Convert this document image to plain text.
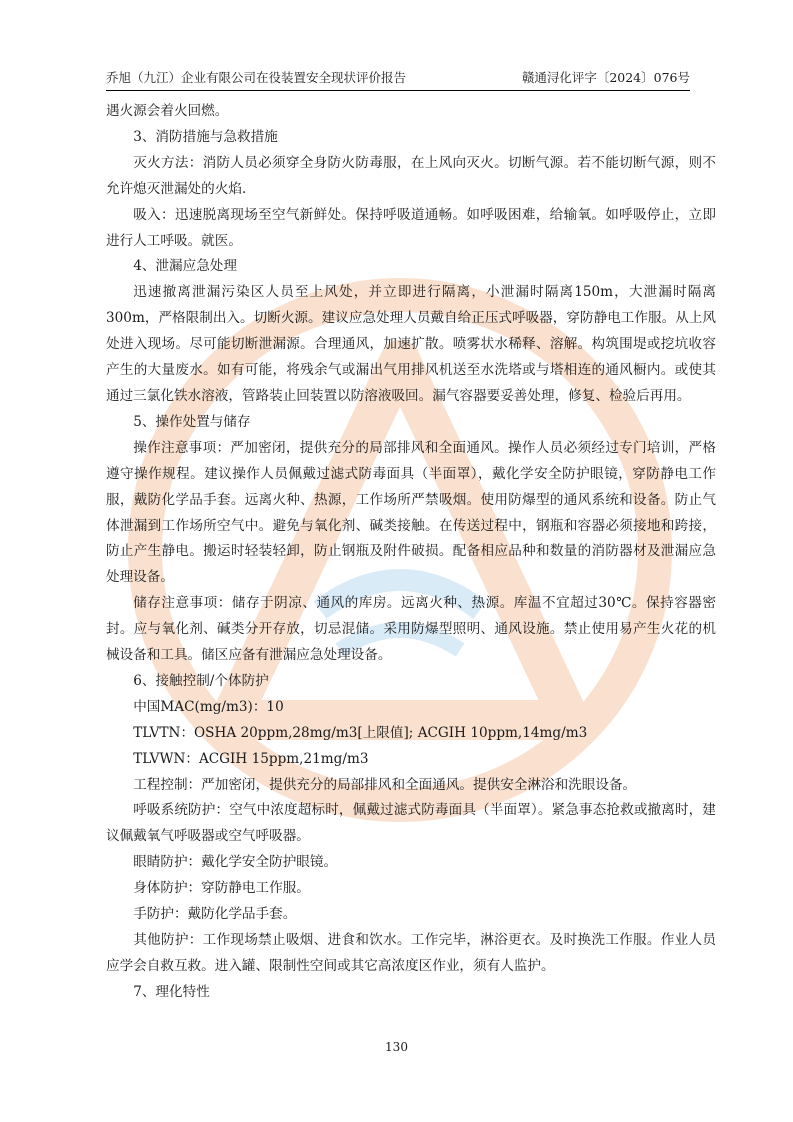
乔旭（九江）企业有限公司在役装置安全现状评价报告	赣通浔化评字〔2024〕076号

遇火源会着火回燃。

3、消防措施与急救措施

灭火方法：消防人员必须穿全身防火防毒服，在上风向灭火。切断气源。若不能切断气源，则不允许熄灭泄漏处的火焰.

吸入：迅速脱离现场至空气新鲜处。保持呼吸道通畅。如呼吸困难，给输氧。如呼吸停止，立即进行人工呼吸。就医。

4、泄漏应急处理

迅速撤离泄漏污染区人员至上风处，并立即进行隔离，小泄漏时隔离150m，大泄漏时隔离300m，严格限制出入。切断火源。建议应急处理人员戴自给正压式呼吸器，穿防静电工作服。从上风处进入现场。尽可能切断泄漏源。合理通风，加速扩散。喷雾状水稀释、溶解。构筑围堤或挖坑收容产生的大量废水。如有可能，将残余气或漏出气用排风机送至水洗塔或与塔相连的通风橱内。或使其通过三氯化铁水溶液，管路装止回装置以防溶液吸回。漏气容器要妥善处理，修复、检验后再用。

5、操作处置与储存

操作注意事项：严加密闭，提供充分的局部排风和全面通风。操作人员必须经过专门培训，严格遵守操作规程。建议操作人员佩戴过滤式防毒面具（半面罩），戴化学安全防护眼镜，穿防静电工作服，戴防化学品手套。远离火种、热源，工作场所严禁吸烟。使用防爆型的通风系统和设备。防止气体泄漏到工作场所空气中。避免与氧化剂、碱类接触。在传送过程中，钢瓶和容器必须接地和跨接，防止产生静电。搬运时轻装轻卸，防止钢瓶及附件破损。配备相应品种和数量的消防器材及泄漏应急处理设备。

储存注意事项：储存于阴凉、通风的库房。远离火种、热源。库温不宜超过30℃。保持容器密封。应与氧化剂、碱类分开存放，切忌混储。采用防爆型照明、通风设施。禁止使用易产生火花的机械设备和工具。储区应备有泄漏应急处理设备。

6、接触控制/个体防护

中国MAC(mg/m3)：10

TLVTN：OSHA 20ppm,28mg/m3[上限值]; ACGIH 10ppm,14mg/m3

TLVWN：ACGIH 15ppm,21mg/m3

工程控制：严加密闭，提供充分的局部排风和全面通风。提供安全淋浴和洗眼设备。

呼吸系统防护：空气中浓度超标时，佩戴过滤式防毒面具（半面罩）。紧急事态抢救或撤离时，建议佩戴氧气呼吸器或空气呼吸器。

眼睛防护：戴化学安全防护眼镜。

身体防护：穿防静电工作服。

手防护：戴防化学品手套。

其他防护：工作现场禁止吸烟、进食和饮水。工作完毕，淋浴更衣。及时换洗工作服。作业人员应学会自救互救。进入罐、限制性空间或其它高浓度区作业，须有人监护。

7、理化特性

130
